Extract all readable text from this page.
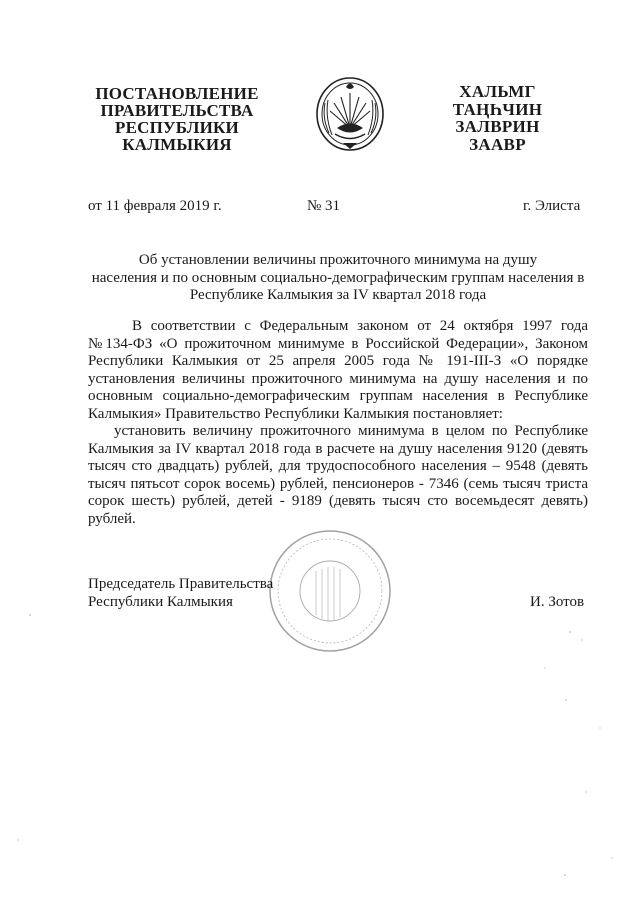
ПОСТАНОВЛЕНИЕ
ПРАВИТЕЛЬСТВА
РЕСПУБЛИКИ
КАЛМЫКИЯ
ХАЛЬМГ
ТАҢҺЧИН
ЗАЛВРИН
ЗААВР
от 11 февраля 2019 г.	№ 31	г. Элиста
Об установлении величины прожиточного минимума на душу
населения и по основным социально-демографическим группам населения в
Республике Калмыкия за IV квартал 2018 года

В соответствии с Федеральным законом от 24 октября 1997 года №134-ФЗ «О прожиточном минимуме в Российской Федерации», Законом Республики Калмыкия от 25 апреля 2005 года № 191-III-З «О порядке установления величины прожиточного минимума на душу населения и по основным социально-демографическим группам населения в Республике Калмыкия» Правительство Республики Калмыкия постановляет:

установить величину прожиточного минимума в целом по Республике Калмыкия за IV квартал 2018 года в расчете на душу населения 9120 (девять тысяч сто двадцать) рублей, для трудоспособного населения – 9548 (девять тысяч пятьсот сорок восемь) рублей, пенсионеров - 7346 (семь тысяч триста сорок шесть) рублей, детей - 9189 (девять тысяч сто восемьдесят девять) рублей.

Председатель Правительства
Республики Калмыкия	И. Зотов
